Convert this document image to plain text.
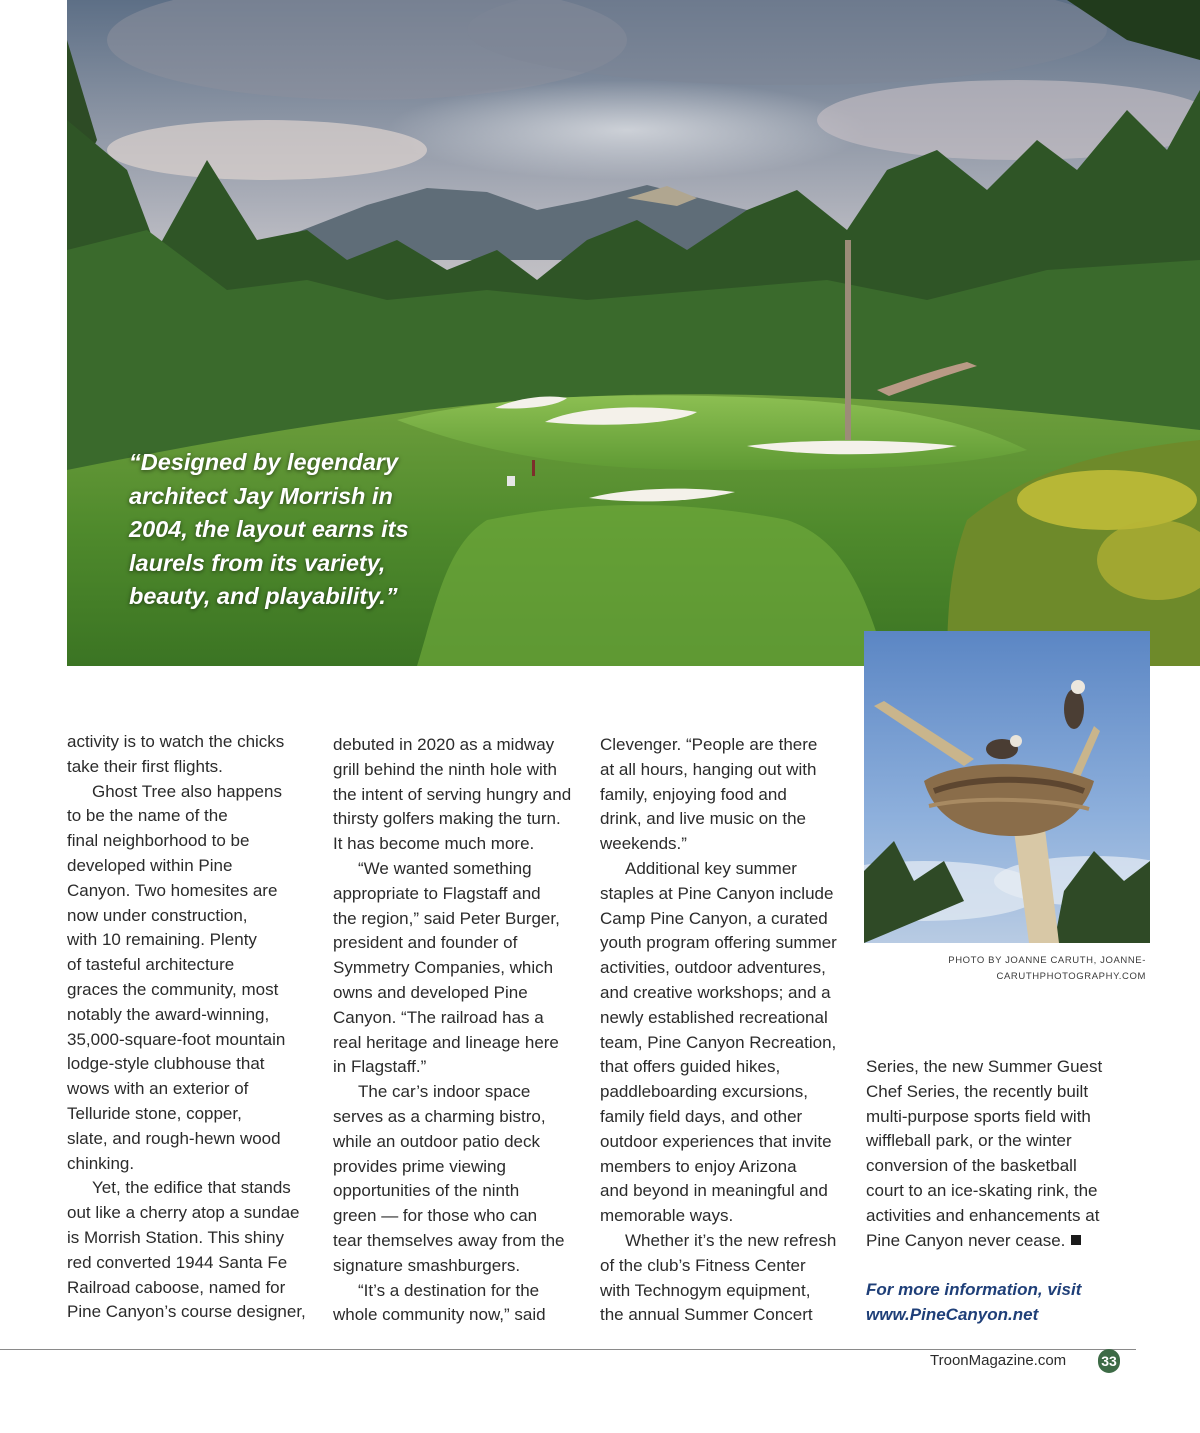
“Designed by legendary
architect Jay Morrish in
2004, the layout earns its
laurels from its variety,
beauty, and playability.”

PHOTO BY JOANNE CARUTH, JOANNE-
CARUTHPHOTOGRAPHY.COM

activity is to watch the chicks
take their first flights.
Ghost Tree also happens
to be the name of the
final neighborhood to be
developed within Pine
Canyon. Two homesites are
now under construction,
with 10 remaining. Plenty
of tasteful architecture
graces the community, most
notably the award-winning,
35,000-square-foot mountain
lodge-style clubhouse that
wows with an exterior of
Telluride stone, copper,
slate, and rough-hewn wood
chinking.
Yet, the edifice that stands
out like a cherry atop a sundae
is Morrish Station. This shiny
red converted 1944 Santa Fe
Railroad caboose, named for
Pine Canyon’s course designer,
debuted in 2020 as a midway
grill behind the ninth hole with
the intent of serving hungry and
thirsty golfers making the turn.
It has become much more.
“We wanted something
appropriate to Flagstaff and
the region,” said Peter Burger,
president and founder of
Symmetry Companies, which
owns and developed Pine
Canyon. “The railroad has a
real heritage and lineage here
in Flagstaff.”
The car’s indoor space
serves as a charming bistro,
while an outdoor patio deck
provides prime viewing
opportunities of the ninth
green — for those who can
tear themselves away from the
signature smashburgers.
“It’s a destination for the
whole community now,” said
Clevenger. “People are there
at all hours, hanging out with
family, enjoying food and
drink, and live music on the
weekends.”
Additional key summer
staples at Pine Canyon include
Camp Pine Canyon, a curated
youth program offering summer
activities, outdoor adventures,
and creative workshops; and a
newly established recreational
team, Pine Canyon Recreation,
that offers guided hikes,
paddleboarding excursions,
family field days, and other
outdoor experiences that invite
members to enjoy Arizona
and beyond in meaningful and
memorable ways.
Whether it’s the new refresh
of the club’s Fitness Center
with Technogym equipment,
the annual Summer Concert
Series, the new Summer Guest
Chef Series, the recently built
multi-purpose sports field with
wiffleball park, or the winter
conversion of the basketball
court to an ice-skating rink, the
activities and enhancements at
Pine Canyon never cease.

For more information, visit
www.PineCanyon.net

TroonMagazine.com	33
